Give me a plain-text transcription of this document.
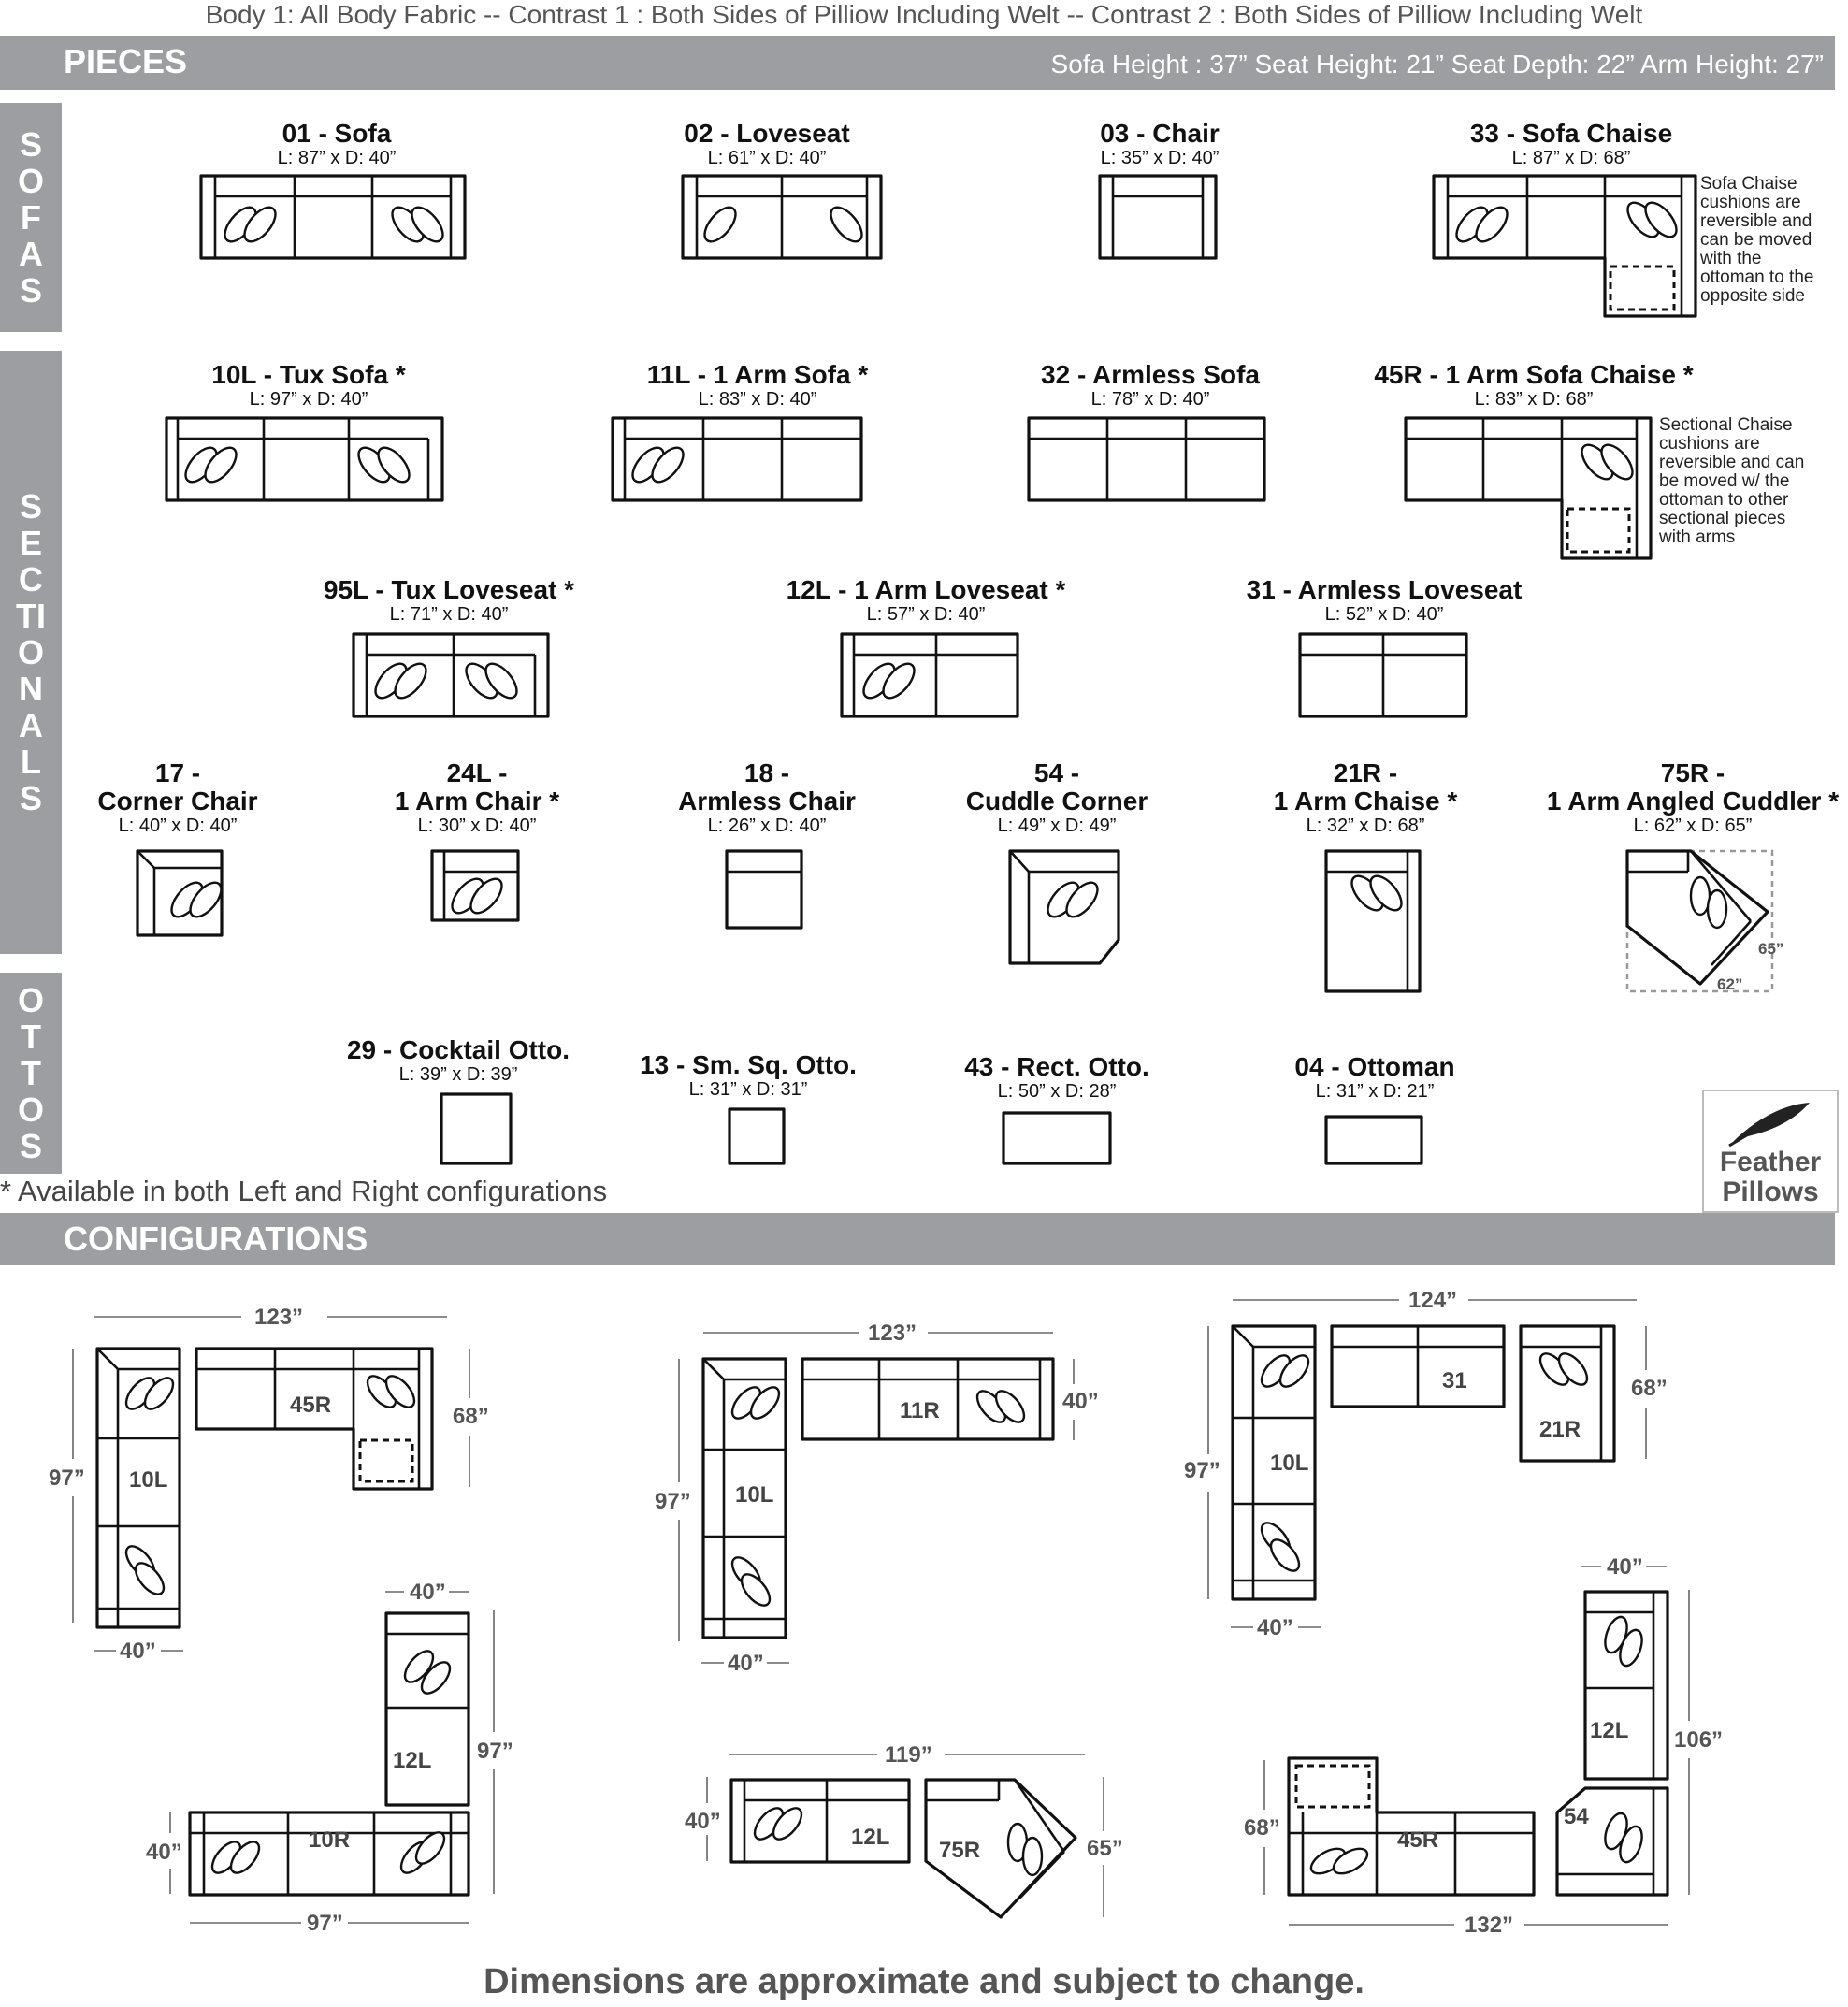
Body 1: All Body Fabric -- Contrast 1 : Both Sides of Pilliow Including Welt -- Contrast 2 : Both Sides of Pilliow Including Welt
PIECES	Sofa Height : 37” Seat Height: 21” Seat Depth: 22” Arm Height: 27”
SOFAS
SECTIONALS
OTTOS
01 - Sofa
L: 87” x D: 40”
02 - Loveseat
L: 61” x D: 40”
03 - Chair
L: 35” x D: 40”
33 - Sofa Chaise
L: 87” x D: 68”
10L - Tux Sofa *
L: 97” x D: 40”
11L - 1 Arm Sofa *
L: 83” x D: 40”
32 - Armless Sofa
L: 78” x D: 40”
45R - 1 Arm Sofa Chaise *
L: 83” x D: 68”
95L - Tux Loveseat *
L: 71” x D: 40”
12L - 1 Arm Loveseat *
L: 57” x D: 40”
31 - Armless Loveseat
L: 52” x D: 40”
17 -
Corner Chair
L: 40” x D: 40”
24L -
1 Arm Chair *
L: 30” x D: 40”
18 -
Armless Chair
L: 26” x D: 40”
54 -
Cuddle Corner
L: 49” x D: 49”
21R -
1 Arm Chaise *
L: 32” x D: 68”
75R -
1 Arm Angled Cuddler *
L: 62” x D: 65”
29 - Cocktail Otto.
L: 39” x D: 39”	13 - Sm. Sq. Otto.
L: 31” x D: 31”
43 - Rect. Otto.
L: 50” x D: 28”
04 - Ottoman
L: 31” x D: 21”
Sofa Chaise cushions are reversible and can be moved with the ottoman to the opposite side
Sectional Chaise cushions are reversible and can be moved w/ the ottoman to other sectional pieces with arms
65”
62”
* Available in both Left and Right configurations
Feather
Pillows
CONFIGURATIONS
123”
97”
40”
68”
10L
45R
123”
97”
40”
40”
10L
11R
124”
97”
40”
68”
10L
31
21R
40”
97”
40”
97”
12L
10R
119”
40”
65”
12L
75R
40”
106”
68”
132”
12L
54
45R
Dimensions are approximate and subject to change.
